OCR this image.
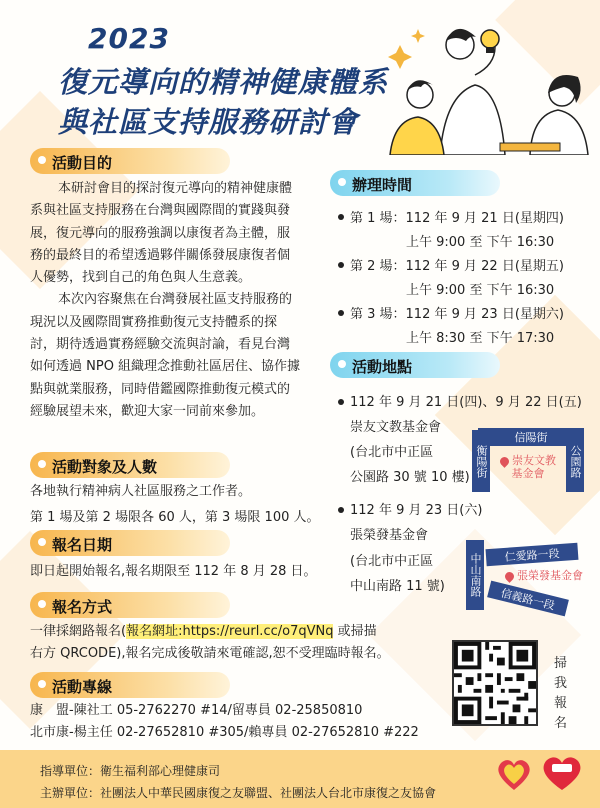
2023
復元導向的精神健康體系
與社區支持服務研討會
活動目的
本研討會目的探討復元導向的精神健康體
系與社區支持服務在台灣與國際間的實踐與發
展，復元導向的服務強調以康復者為主體，服
務的最終目的希望透過夥伴關係發展康復者個
人優勢，找到自己的角色與人生意義。
本次內容聚焦在台灣發展社區支持服務的
現況以及國際間實務推動復元支持體系的探
討，期待透過實務經驗交流與討論，看見台灣
如何透過 NPO 組織理念推動社區居住、協作據
點與就業服務，同時借鑑國際推動復元模式的
經驗展望未來，歡迎大家一同前來參加。
辦理時間
第 1 場：112 年 9 月 21 日(星期四)
上午 9:00 至 下午 16:30
第 2 場：112 年 9 月 22 日(星期五)
上午 9:00 至 下午 16:30
第 3 場：112 年 9 月 23 日(星期六)
上午 8:30 至 下午 17:30
活動地點
112 年 9 月 21 日(四)、9 月 22 日(五)
崇友文教基金會
(台北市中正區
公園路 30 號 10 樓)
信陽街
衡陽街	公園路
崇友文教
基金會
112 年 9 月 23 日(六)
張榮發基金會
(台北市中正區
中山南路 11 號) 中山南路	仁愛路一段
信義路一段
張榮發基金會
活動對象及人數
各地執行精神病人社區服務之工作者。
第 1 場及第 2 場限各 60 人，第 3 場限 100 人。
報名日期
即日起開始報名,報名期限至 112 年 8 月 28 日。
報名方式
一律採網路報名(報名網址:https://reurl.cc/o7qVNq 或掃描
右方 QRCODE),報名完成後敬請來電確認,恕不受理臨時報名。
掃我報名
活動專線
康　盟-陳社工 05-2762270 #14/留專員 02-25850810
北市康-楊主任 02-27652810 #305/賴專員 02-27652810 #222
指導單位：衛生福利部心理健康司
主辦單位：社團法人中華民國康復之友聯盟、社團法人台北市康復之友協會
